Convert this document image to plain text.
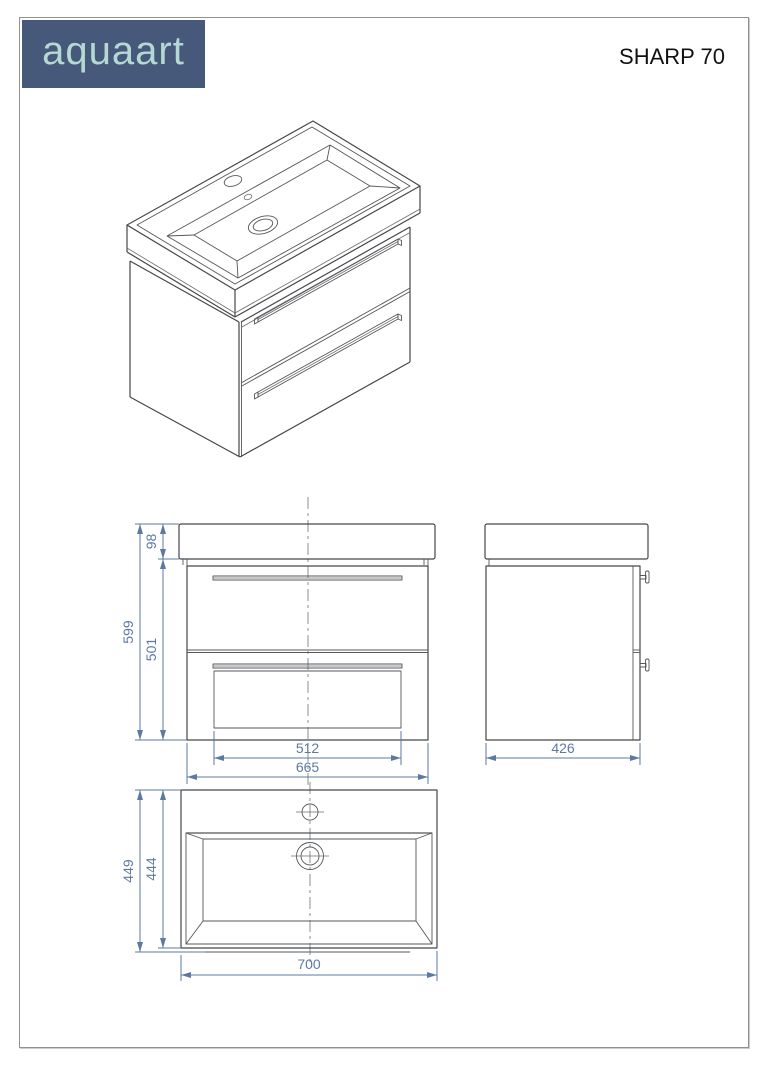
aquaart	SHARP 70
599
98
501
512
665
426
449 444
700
